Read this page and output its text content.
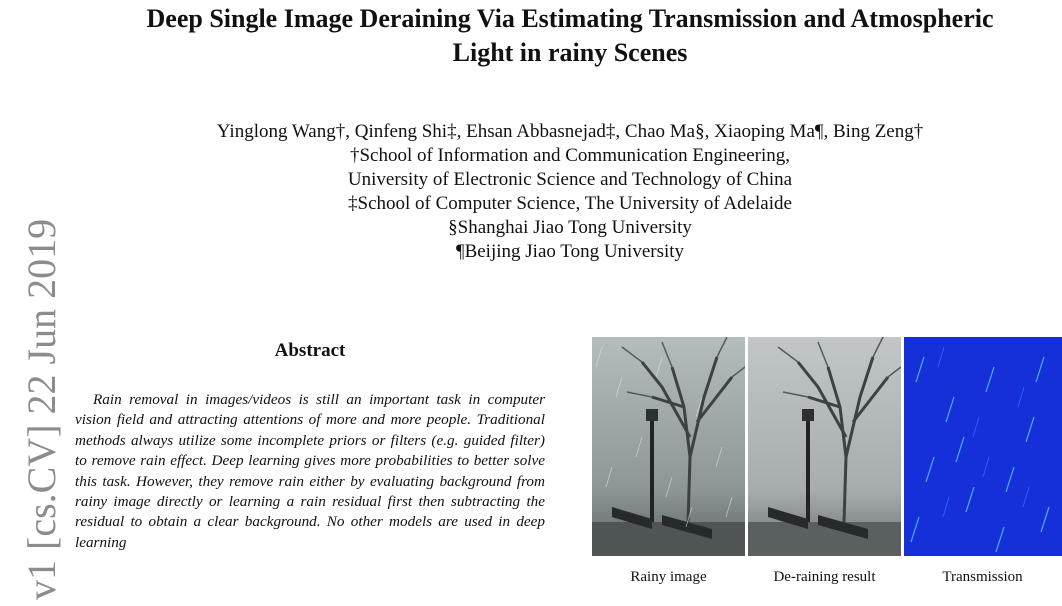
v1 [cs.CV] 22 Jun 2019
Deep Single Image Deraining Via Estimating Transmission and Atmospheric
Light in rainy Scenes
Yinglong Wang†, Qinfeng Shi‡, Ehsan Abbasnejad‡, Chao Ma§, Xiaoping Ma¶, Bing Zeng†
†School of Information and Communication Engineering,
University of Electronic Science and Technology of China
‡School of Computer Science, The University of Adelaide
§Shanghai Jiao Tong University
¶Beijing Jiao Tong University
Abstract
Rain removal in images/videos is still an important task in computer vision field and attracting attentions of more and more people. Traditional methods always utilize some incomplete priors or filters (e.g. guided filter) to remove rain effect. Deep learning gives more probabilities to better solve this task. However, they remove rain either by evaluating background from rainy image directly or learning a rain residual first then subtracting the residual to obtain a clear background. No other models are used in deep learning
Rainy image	De-raining result	Transmission
